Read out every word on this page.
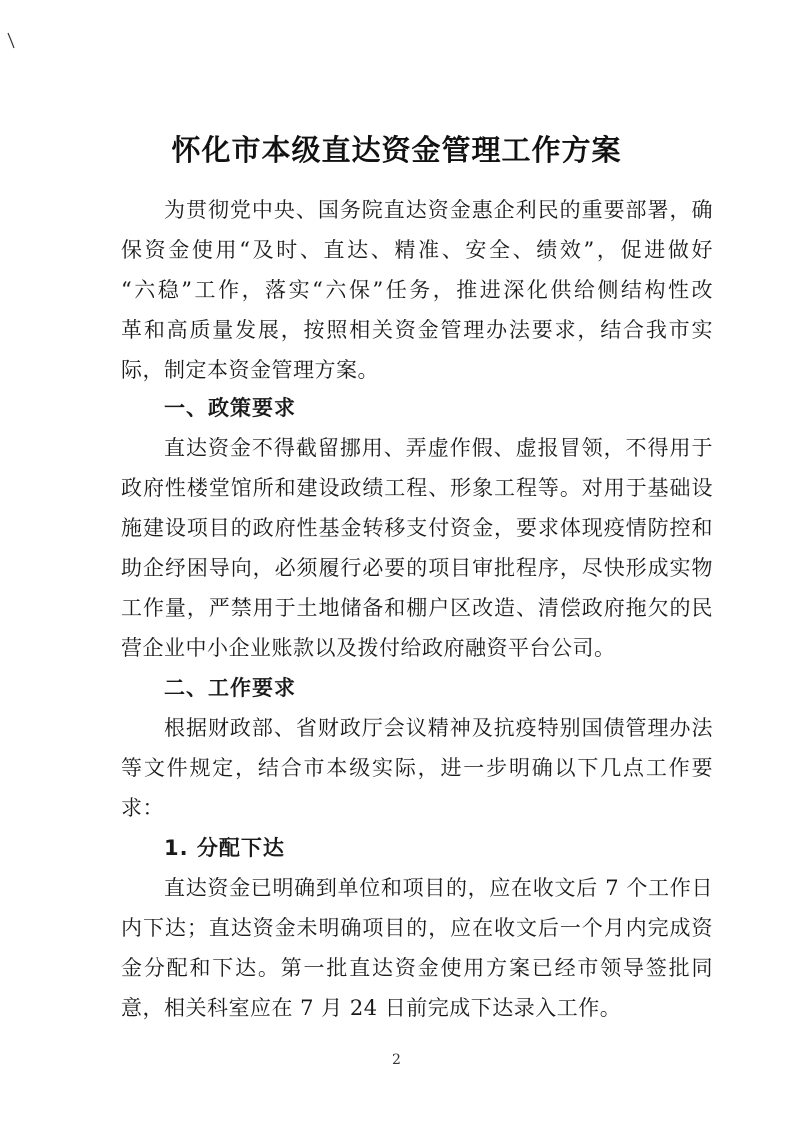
怀化市本级直达资金管理工作方案
为贯彻党中央、国务院直达资金惠企利民的重要部署，确
保资金使用“及时、直达、精准、安全、绩效”，促进做好
“六稳”工作，落实“六保”任务，推进深化供给侧结构性改
革和高质量发展，按照相关资金管理办法要求，结合我市实
际，制定本资金管理方案。
一、政策要求
直达资金不得截留挪用、弄虚作假、虚报冒领，不得用于
政府性楼堂馆所和建设政绩工程、形象工程等。对用于基础设
施建设项目的政府性基金转移支付资金，要求体现疫情防控和
助企纾困导向，必须履行必要的项目审批程序，尽快形成实物
工作量，严禁用于土地储备和棚户区改造、清偿政府拖欠的民
营企业中小企业账款以及拨付给政府融资平台公司。
二、工作要求
根据财政部、省财政厅会议精神及抗疫特别国债管理办法
等文件规定，结合市本级实际，进一步明确以下几点工作要
求：
1. 分配下达
直达资金已明确到单位和项目的，应在收文后 7 个工作日
内下达；直达资金未明确项目的，应在收文后一个月内完成资
金分配和下达。第一批直达资金使用方案已经市领导签批同
意，相关科室应在 7 月 24 日前完成下达录入工作。
2
